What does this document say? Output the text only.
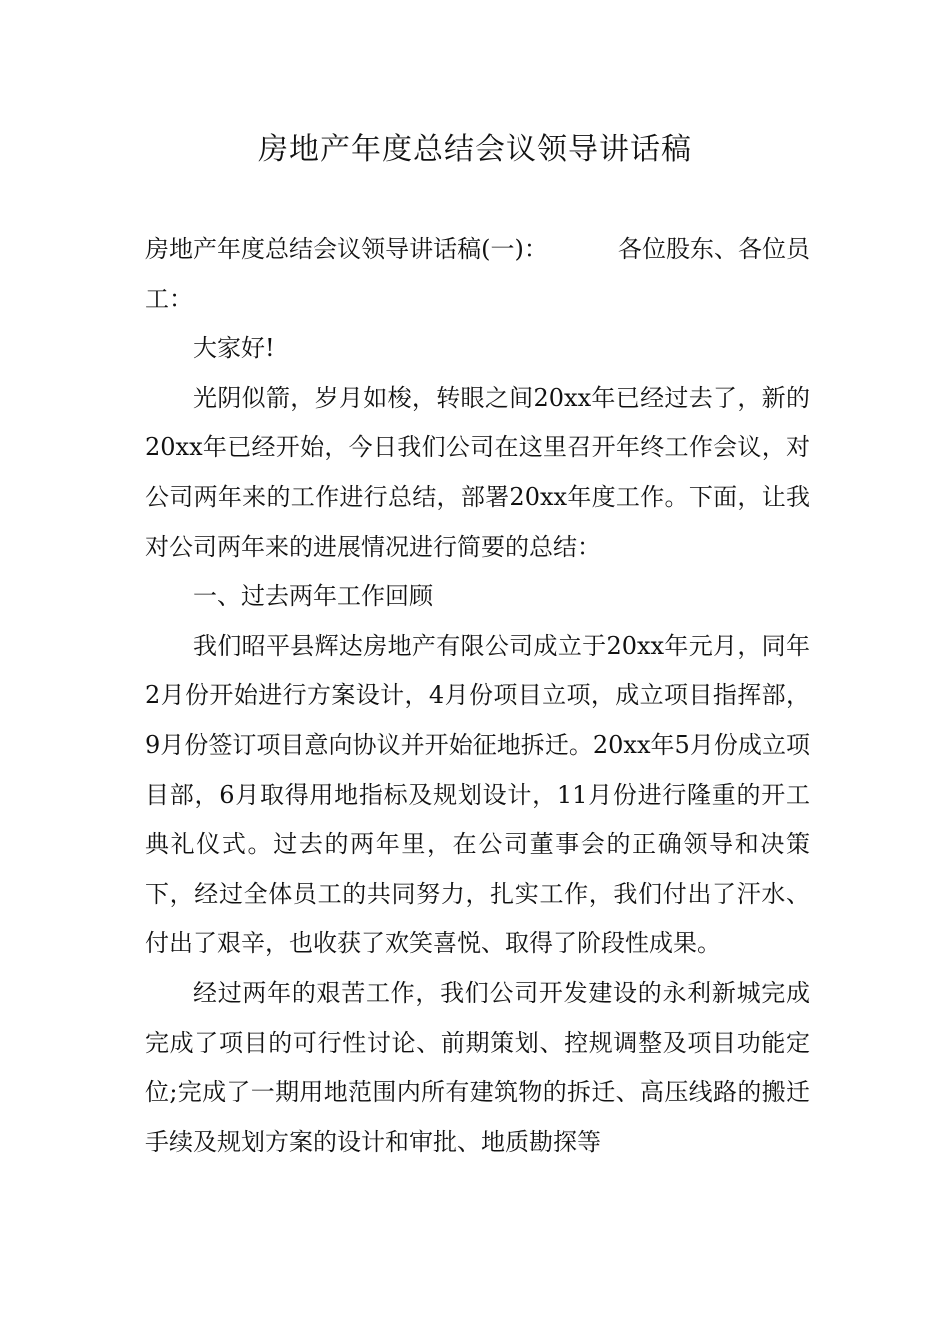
房地产年度总结会议领导讲话稿

房地产年度总结会议领导讲话稿(一)：	各位股东、各位员工：

大家好!

光阴似箭，岁月如梭，转眼之间20xx年已经过去了，新的20xx年已经开始，今日我们公司在这里召开年终工作会议，对公司两年来的工作进行总结，部署20xx年度工作。下面，让我对公司两年来的进展情况进行简要的总结：

一、过去两年工作回顾

我们昭平县辉达房地产有限公司成立于20xx年元月，同年2月份开始进行方案设计，4月份项目立项，成立项目指挥部，9月份签订项目意向协议并开始征地拆迁。20xx年5月份成立项目部，6月取得用地指标及规划设计，11月份进行隆重的开工典礼仪式。过去的两年里，在公司董事会的正确领导和决策下，经过全体员工的共同努力，扎实工作，我们付出了汗水、付出了艰辛，也收获了欢笑喜悦、取得了阶段性成果。

经过两年的艰苦工作，我们公司开发建设的永利新城完成完成了项目的可行性讨论、前期策划、控规调整及项目功能定位;完成了一期用地范围内所有建筑物的拆迁、高压线路的搬迁手续及规划方案的设计和审批、地质勘探等
